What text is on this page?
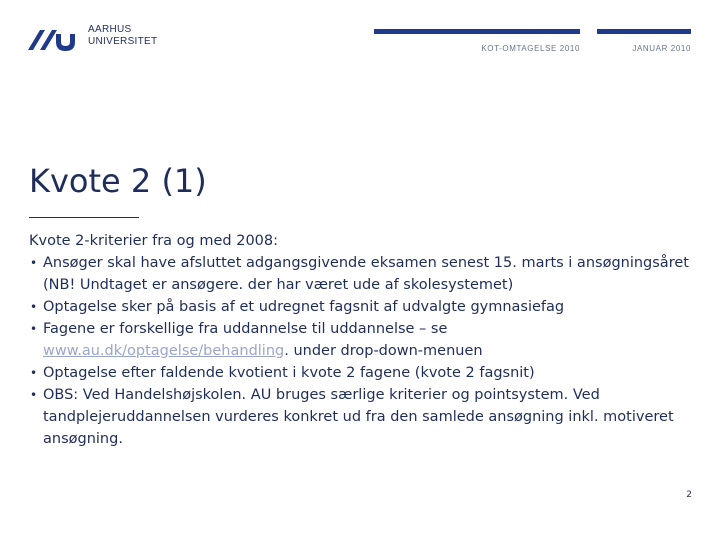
AARHUS
UNIVERSITET
KOT-OMTAGELSE 2010	JANUAR 2010
Kvote 2 (1)

Kvote 2-kriterier fra og med 2008:

• Ansøger skal have afsluttet adgangsgivende eksamen senest 15. marts i ansøgningsåret (NB! Undtaget er ansøgere. der har været ude af skolesystemet)
• Optagelse sker på basis af et udregnet fagsnit af udvalgte gymnasiefag
• Fagene er forskellige fra uddannelse til uddannelse – se
www.au.dk/optagelse/behandling. under drop-down-menuen
• Optagelse efter faldende kvotient i kvote 2 fagene (kvote 2 fagsnit)
• OBS: Ved Handelshøjskolen. AU bruges særlige kriterier og pointsystem. Ved tandplejeruddannelsen vurderes konkret ud fra den samlede ansøgning inkl. motiveret ansøgning.
2
